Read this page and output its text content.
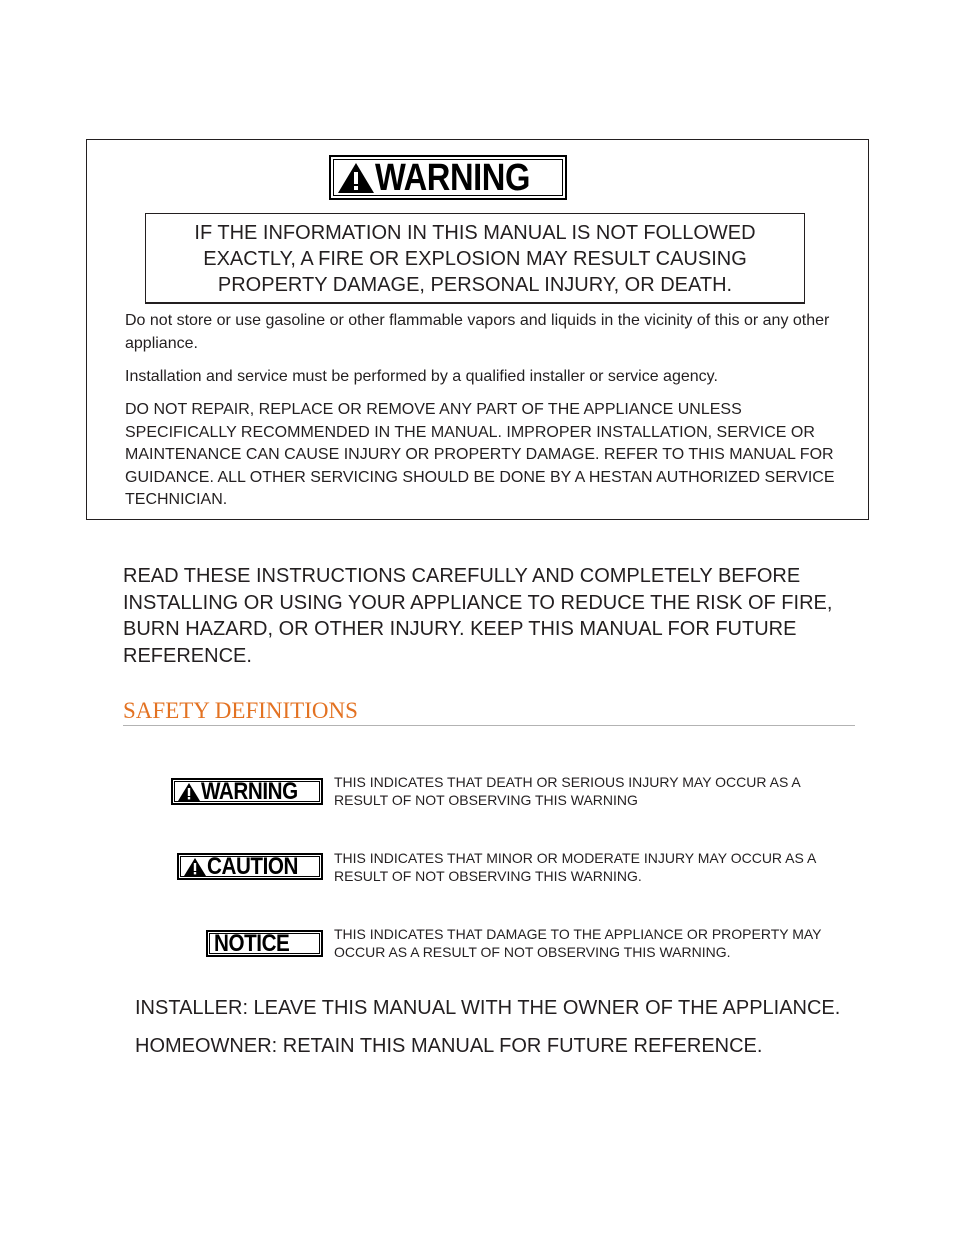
WARNING
IF THE INFORMATION IN THIS MANUAL IS NOT FOLLOWED EXACTLY, A FIRE OR EXPLOSION MAY RESULT CAUSING PROPERTY DAMAGE, PERSONAL INJURY, OR DEATH.
Do not store or use gasoline or other flammable vapors and liquids in the vicinity of this or any other appliance.
Installation and service must be performed by a qualified installer or service agency.
DO NOT REPAIR, REPLACE OR REMOVE ANY PART OF THE APPLIANCE UNLESS SPECIFICALLY RECOMMENDED IN THE MANUAL. IMPROPER INSTALLATION, SERVICE OR MAINTENANCE CAN CAUSE INJURY OR PROPERTY DAMAGE. REFER TO THIS MANUAL FOR GUIDANCE. ALL OTHER SERVICING SHOULD BE DONE BY A HESTAN AUTHORIZED SERVICE TECHNICIAN.
READ THESE INSTRUCTIONS CAREFULLY AND COMPLETELY BEFORE INSTALLING OR USING YOUR APPLIANCE TO REDUCE THE RISK OF FIRE, BURN HAZARD, OR OTHER INJURY. KEEP THIS MANUAL FOR FUTURE REFERENCE.
SAFETY DEFINITIONS
WARNING	THIS INDICATES THAT DEATH OR SERIOUS INJURY MAY OCCUR AS A RESULT OF NOT OBSERVING THIS WARNING
CAUTION	THIS INDICATES THAT MINOR OR MODERATE INJURY MAY OCCUR AS A RESULT OF NOT OBSERVING THIS WARNING.
NOTICE	THIS INDICATES THAT DAMAGE TO THE APPLIANCE OR PROPERTY MAY OCCUR AS A RESULT OF NOT OBSERVING THIS WARNING.
INSTALLER: LEAVE THIS MANUAL WITH THE OWNER OF THE APPLIANCE.
HOMEOWNER: RETAIN THIS MANUAL FOR FUTURE REFERENCE.
